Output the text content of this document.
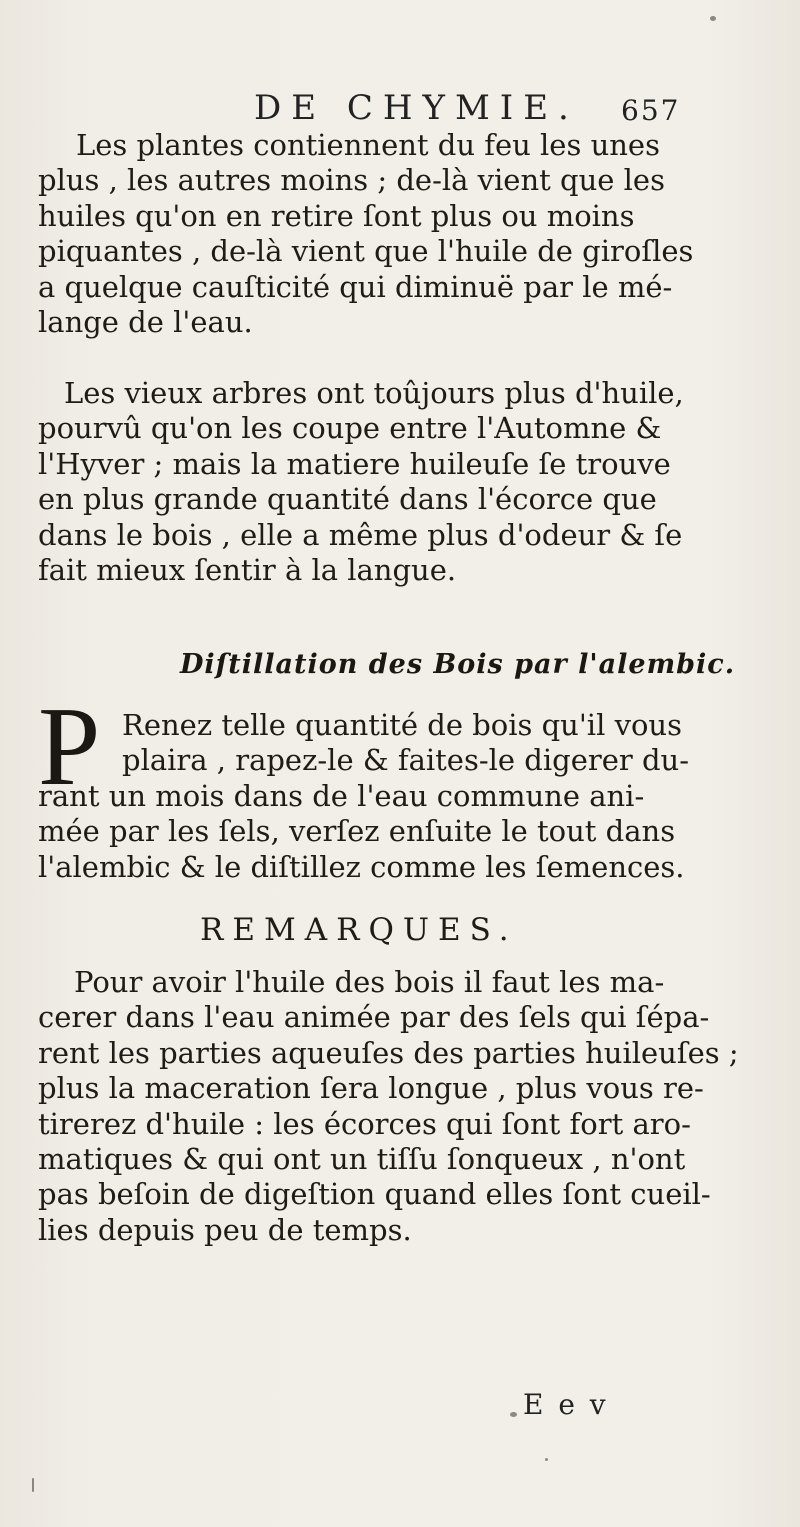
DE CHYMIE. 657
Les plantes contiennent du feu les unes
plus , les autres moins ; de-là vient que les
huiles qu'on en retire ſont plus ou moins
piquantes , de-là vient que l'huile de giroſles
a quelque cauſticité qui diminuë par le mé-
lange de l'eau.
Les vieux arbres ont toûjours plus d'huile,
pourvû qu'on les coupe entre l'Automne &
l'Hyver ; mais la matiere huileuſe ſe trouve
en plus grande quantité dans l'écorce que
dans le bois , elle a même plus d'odeur & ſe
fait mieux ſentir à la langue.
Diſtillation des Bois par l'alembic.
P Renez telle quantité de bois qu'il vous
plaira , rapez-le & faites-le digerer du-
rant un mois dans de l'eau commune ani-
mée par les ſels, verſez enſuite le tout dans
l'alembic & le diſtillez comme les ſemences.
REMARQUES.
Pour avoir l'huile des bois il faut les ma-
cerer dans l'eau animée par des ſels qui ſépa-
rent les parties aqueuſes des parties huileuſes ;
plus la maceration ſera longue , plus vous re-
tirerez d'huile : les écorces qui ſont fort aro-
matiques & qui ont un tiſſu ſonqueux , n'ont
pas beſoin de digeſtion quand elles ſont cueil-
lies depuis peu de temps.
E e v
